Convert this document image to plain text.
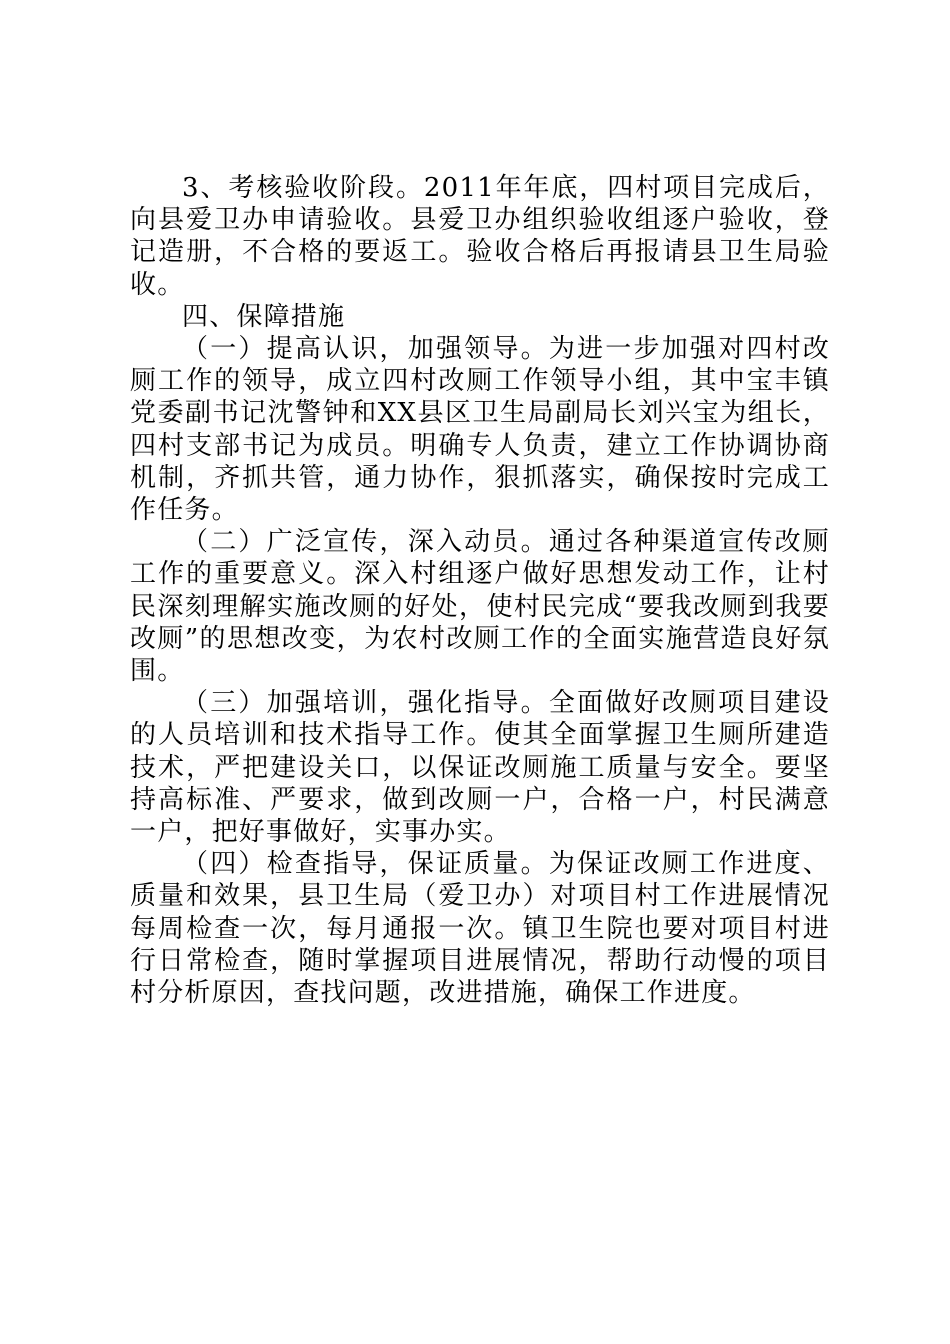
3、考核验收阶段。2011年年底，四村项目完成后，向县爱卫办申请验收。县爱卫办组织验收组逐户验收，登记造册，不合格的要返工。验收合格后再报请县卫生局验收。

四、保障措施

（一）提高认识，加强领导。为进一步加强对四村改厕工作的领导，成立四村改厕工作领导小组，其中宝丰镇党委副书记沈警钟和XX县区卫生局副局长刘兴宝为组长，四村支部书记为成员。明确专人负责，建立工作协调协商机制，齐抓共管，通力协作，狠抓落实，确保按时完成工作任务。

（二）广泛宣传，深入动员。通过各种渠道宣传改厕工作的重要意义。深入村组逐户做好思想发动工作，让村民深刻理解实施改厕的好处，使村民完成“要我改厕到我要改厕”的思想改变，为农村改厕工作的全面实施营造良好氛围。

（三）加强培训，强化指导。全面做好改厕项目建设的人员培训和技术指导工作。使其全面掌握卫生厕所建造技术，严把建设关口，以保证改厕施工质量与安全。要坚持高标准、严要求，做到改厕一户，合格一户，村民满意一户，把好事做好，实事办实。

（四）检查指导，保证质量。为保证改厕工作进度、质量和效果，县卫生局（爱卫办）对项目村工作进展情况每周检查一次，每月通报一次。镇卫生院也要对项目村进行日常检查，随时掌握项目进展情况，帮助行动慢的项目村分析原因，查找问题，改进措施，确保工作进度。
